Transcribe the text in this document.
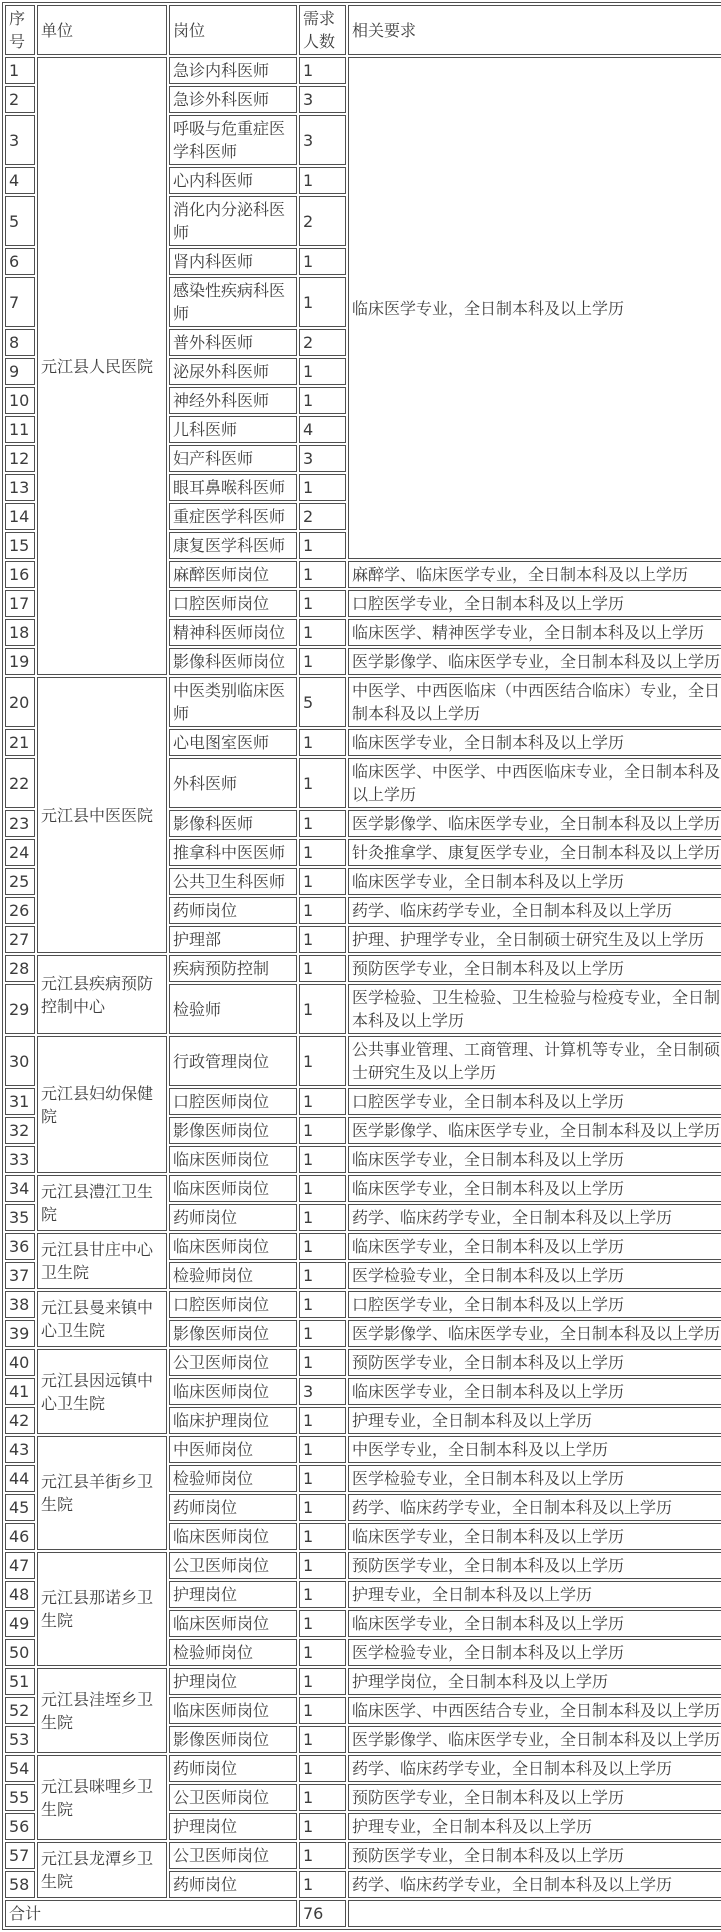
序号	单位	岗位	需求人数	相关要求
1	元江县人民医院	急诊内科医师	1	临床医学专业，全日制本科及以上学历
2		急诊外科医师	3	
3		呼吸与危重症医学科医师	3	
4		心内科医师	1	
5		消化内分泌科医师	2	
6		肾内科医师	1	
7		感染性疾病科医师	1	
8		普外科医师	2	
9		泌尿外科医师	1	
10		神经外科医师	1	
11		儿科医师	4	
12		妇产科医师	3	
13		眼耳鼻喉科医师	1	
14		重症医学科医师	2	
15		康复医学科医师	1	
16		麻醉医师岗位	1	麻醉学、临床医学专业，全日制本科及以上学历
17		口腔医师岗位	1	口腔医学专业，全日制本科及以上学历
18		精神科医师岗位	1	临床医学、精神医学专业，全日制本科及以上学历
19		影像科医师岗位	1	医学影像学、临床医学专业，全日制本科及以上学历
20	元江县中医医院	中医类别临床医师	5	中医学、中西医临床（中西医结合临床）专业，全日制本科及以上学历
21		心电图室医师	1	临床医学专业，全日制本科及以上学历
22		外科医师	1	临床医学、中医学、中西医临床专业，全日制本科及以上学历
23		影像科医师	1	医学影像学、临床医学专业，全日制本科及以上学历
24		推拿科中医医师	1	针灸推拿学、康复医学专业，全日制本科及以上学历
25		公共卫生科医师	1	临床医学专业，全日制本科及以上学历
26		药师岗位	1	药学、临床药学专业，全日制本科及以上学历
27		护理部	1	护理、护理学专业，全日制硕士研究生及以上学历
28	元江县疾病预防控制中心	疾病预防控制	1	预防医学专业，全日制本科及以上学历
29		检验师	1	医学检验、卫生检验、卫生检验与检疫专业，全日制本科及以上学历
30	元江县妇幼保健院	行政管理岗位	1	公共事业管理、工商管理、计算机等专业，全日制硕士研究生及以上学历
31		口腔医师岗位	1	口腔医学专业，全日制本科及以上学历
32		影像医师岗位	1	医学影像学、临床医学专业，全日制本科及以上学历
33		临床医师岗位	1	临床医学专业，全日制本科及以上学历
34	元江县澧江卫生院	临床医师岗位	1	临床医学专业，全日制本科及以上学历
35		药师岗位	1	药学、临床药学专业，全日制本科及以上学历
36	元江县甘庄中心卫生院	临床医师岗位	1	临床医学专业，全日制本科及以上学历
37		检验师岗位	1	医学检验专业，全日制本科及以上学历
38	元江县曼来镇中心卫生院	口腔医师岗位	1	口腔医学专业，全日制本科及以上学历
39		影像医师岗位	1	医学影像学、临床医学专业，全日制本科及以上学历
40	元江县因远镇中心卫生院	公卫医师岗位	1	预防医学专业，全日制本科及以上学历
41		临床医师岗位	3	临床医学专业，全日制本科及以上学历
42		临床护理岗位	1	护理专业，全日制本科及以上学历
43	元江县羊街乡卫生院	中医师岗位	1	中医学专业，全日制本科及以上学历
44		检验师岗位	1	医学检验专业，全日制本科及以上学历
45		药师岗位	1	药学、临床药学专业，全日制本科及以上学历
46		临床医师岗位	1	临床医学专业，全日制本科及以上学历
47	元江县那诺乡卫生院	公卫医师岗位	1	预防医学专业，全日制本科及以上学历
48		护理岗位	1	护理专业，全日制本科及以上学历
49		临床医师岗位	1	临床医学专业，全日制本科及以上学历
50		检验师岗位	1	医学检验专业，全日制本科及以上学历
51	元江县洼垤乡卫生院	护理岗位	1	护理学岗位，全日制本科及以上学历
52		临床医师岗位	1	临床医学、中西医结合专业，全日制本科及以上学历
53		影像医师岗位	1	医学影像学、临床医学专业，全日制本科及以上学历
54	元江县咪哩乡卫生院	药师岗位	1	药学、临床药学专业，全日制本科及以上学历
55		公卫医师岗位	1	预防医学专业，全日制本科及以上学历
56		护理岗位	1	护理专业，全日制本科及以上学历
57	元江县龙潭乡卫生院	公卫医师岗位	1	预防医学专业，全日制本科及以上学历
58		药师岗位	1	药学、临床药学专业，全日制本科及以上学历
合计			76	
